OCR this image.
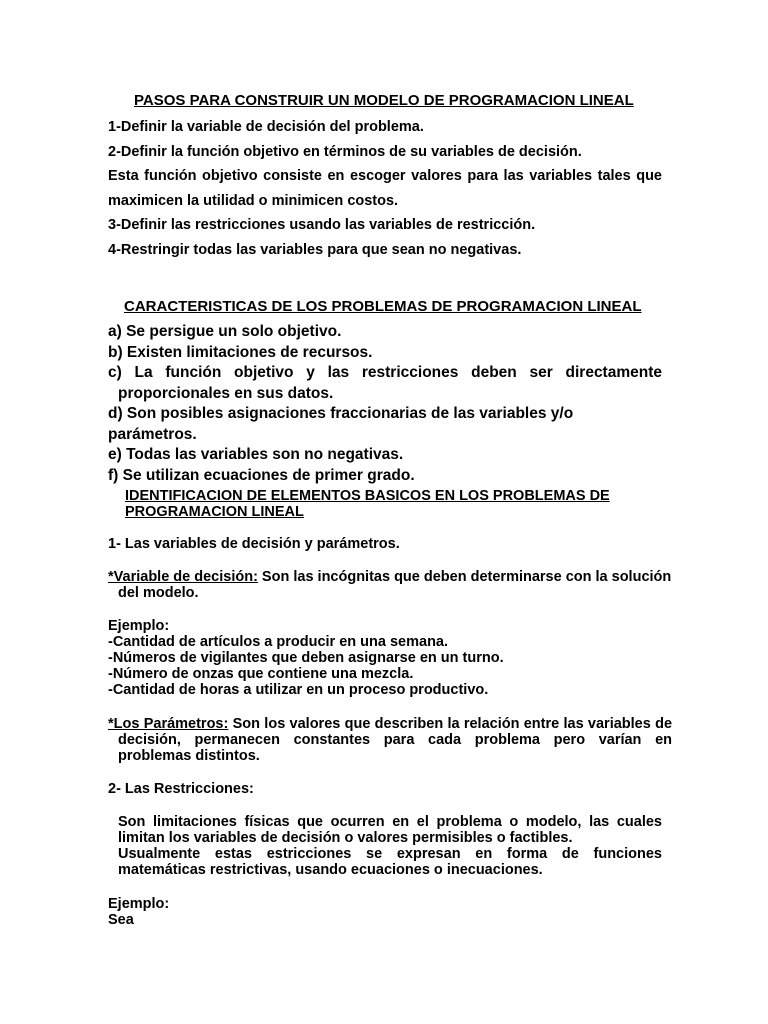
PASOS PARA CONSTRUIR UN MODELO DE PROGRAMACION LINEAL
1-Definir la variable de decisión del problema.
2-Definir la función objetivo en términos de su variables de decisión.
Esta función objetivo consiste en escoger valores para las variables tales que
maximicen la utilidad o minimicen costos.
3-Definir las restricciones usando las variables de restricción.
4-Restringir todas las variables para que sean no negativas.
CARACTERISTICAS DE LOS PROBLEMAS DE PROGRAMACION LINEAL
a) Se persigue un solo objetivo.
b) Existen limitaciones de recursos.
c) La función objetivo y las restricciones deben ser directamente
proporcionales en sus datos.
d) Son posibles asignaciones fraccionarias de las variables y/o parámetros.
e) Todas las variables son no negativas.
f) Se utilizan ecuaciones de primer grado.
IDENTIFICACION DE ELEMENTOS BASICOS EN LOS PROBLEMAS DE
PROGRAMACION LINEAL
1- Las variables de decisión y parámetros.
*Variable de decisión: Son las incógnitas que deben determinarse con la solución del modelo.
Ejemplo:
-Cantidad de artículos a producir en una semana.
-Números de vigilantes que deben asignarse en un turno.
-Número de onzas que contiene una mezcla.
-Cantidad de horas a utilizar en un proceso productivo.
*Los Parámetros: Son los valores que describen la relación entre las variables de decisión, permanecen constantes para cada problema pero varían en problemas distintos.
2- Las Restricciones:
Son limitaciones físicas que ocurren en el problema o modelo, las cuales limitan los variables de decisión o valores permisibles o factibles.
Usualmente estas estricciones se expresan en forma de funciones matemáticas restrictivas, usando ecuaciones o inecuaciones.
Ejemplo:
Sea
